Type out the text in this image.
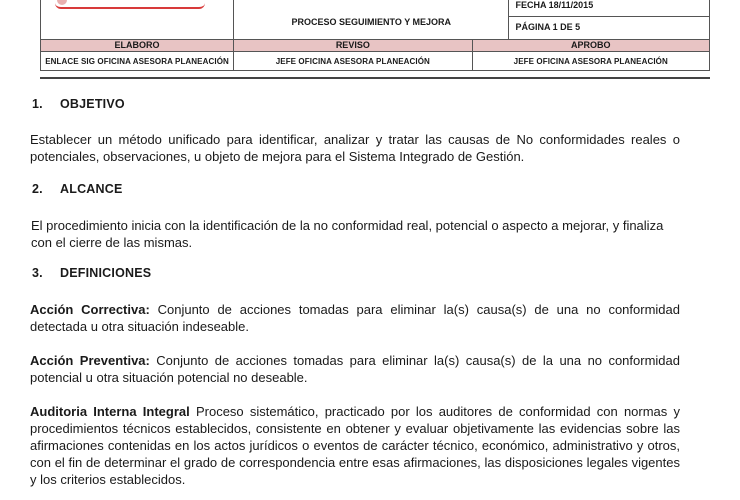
	PROCESO SEGUIMIENTO Y MEJORA		FECHA 18/11/2015
PÁGINA 1 DE 5

ELABORO	REVISO	APROBO	
ENLACE SIG OFICINA ASESORA PLANEACIÓN	JEFE OFICINA ASESORA PLANEACIÓN	JEFE OFICINA ASESORA PLANEACIÓN	
1. OBJETIVO

Establecer un método unificado para identificar, analizar y tratar las causas de No conformidades reales o potenciales, observaciones, u objeto de mejora para el Sistema Integrado de Gestión.

2. ALCANCE

El procedimiento inicia con la identificación de la no conformidad real, potencial o aspecto a mejorar, y finaliza con el cierre de las mismas.

3. DEFINICIONES

Acción Correctiva: Conjunto de acciones tomadas para eliminar la(s) causa(s) de una no conformidad detectada u otra situación indeseable.

Acción Preventiva: Conjunto de acciones tomadas para eliminar la(s) causa(s) de la una no conformidad potencial u otra situación potencial no deseable.

Auditoria Interna Integral Proceso sistemático, practicado por los auditores de conformidad con normas y procedimientos técnicos establecidos, consistente en obtener y evaluar objetivamente las evidencias sobre las afirmaciones contenidas en los actos jurídicos o eventos de carácter técnico, económico, administrativo y otros, con el fin de determinar el grado de correspondencia entre esas afirmaciones, las disposiciones legales vigentes y los criterios establecidos.
